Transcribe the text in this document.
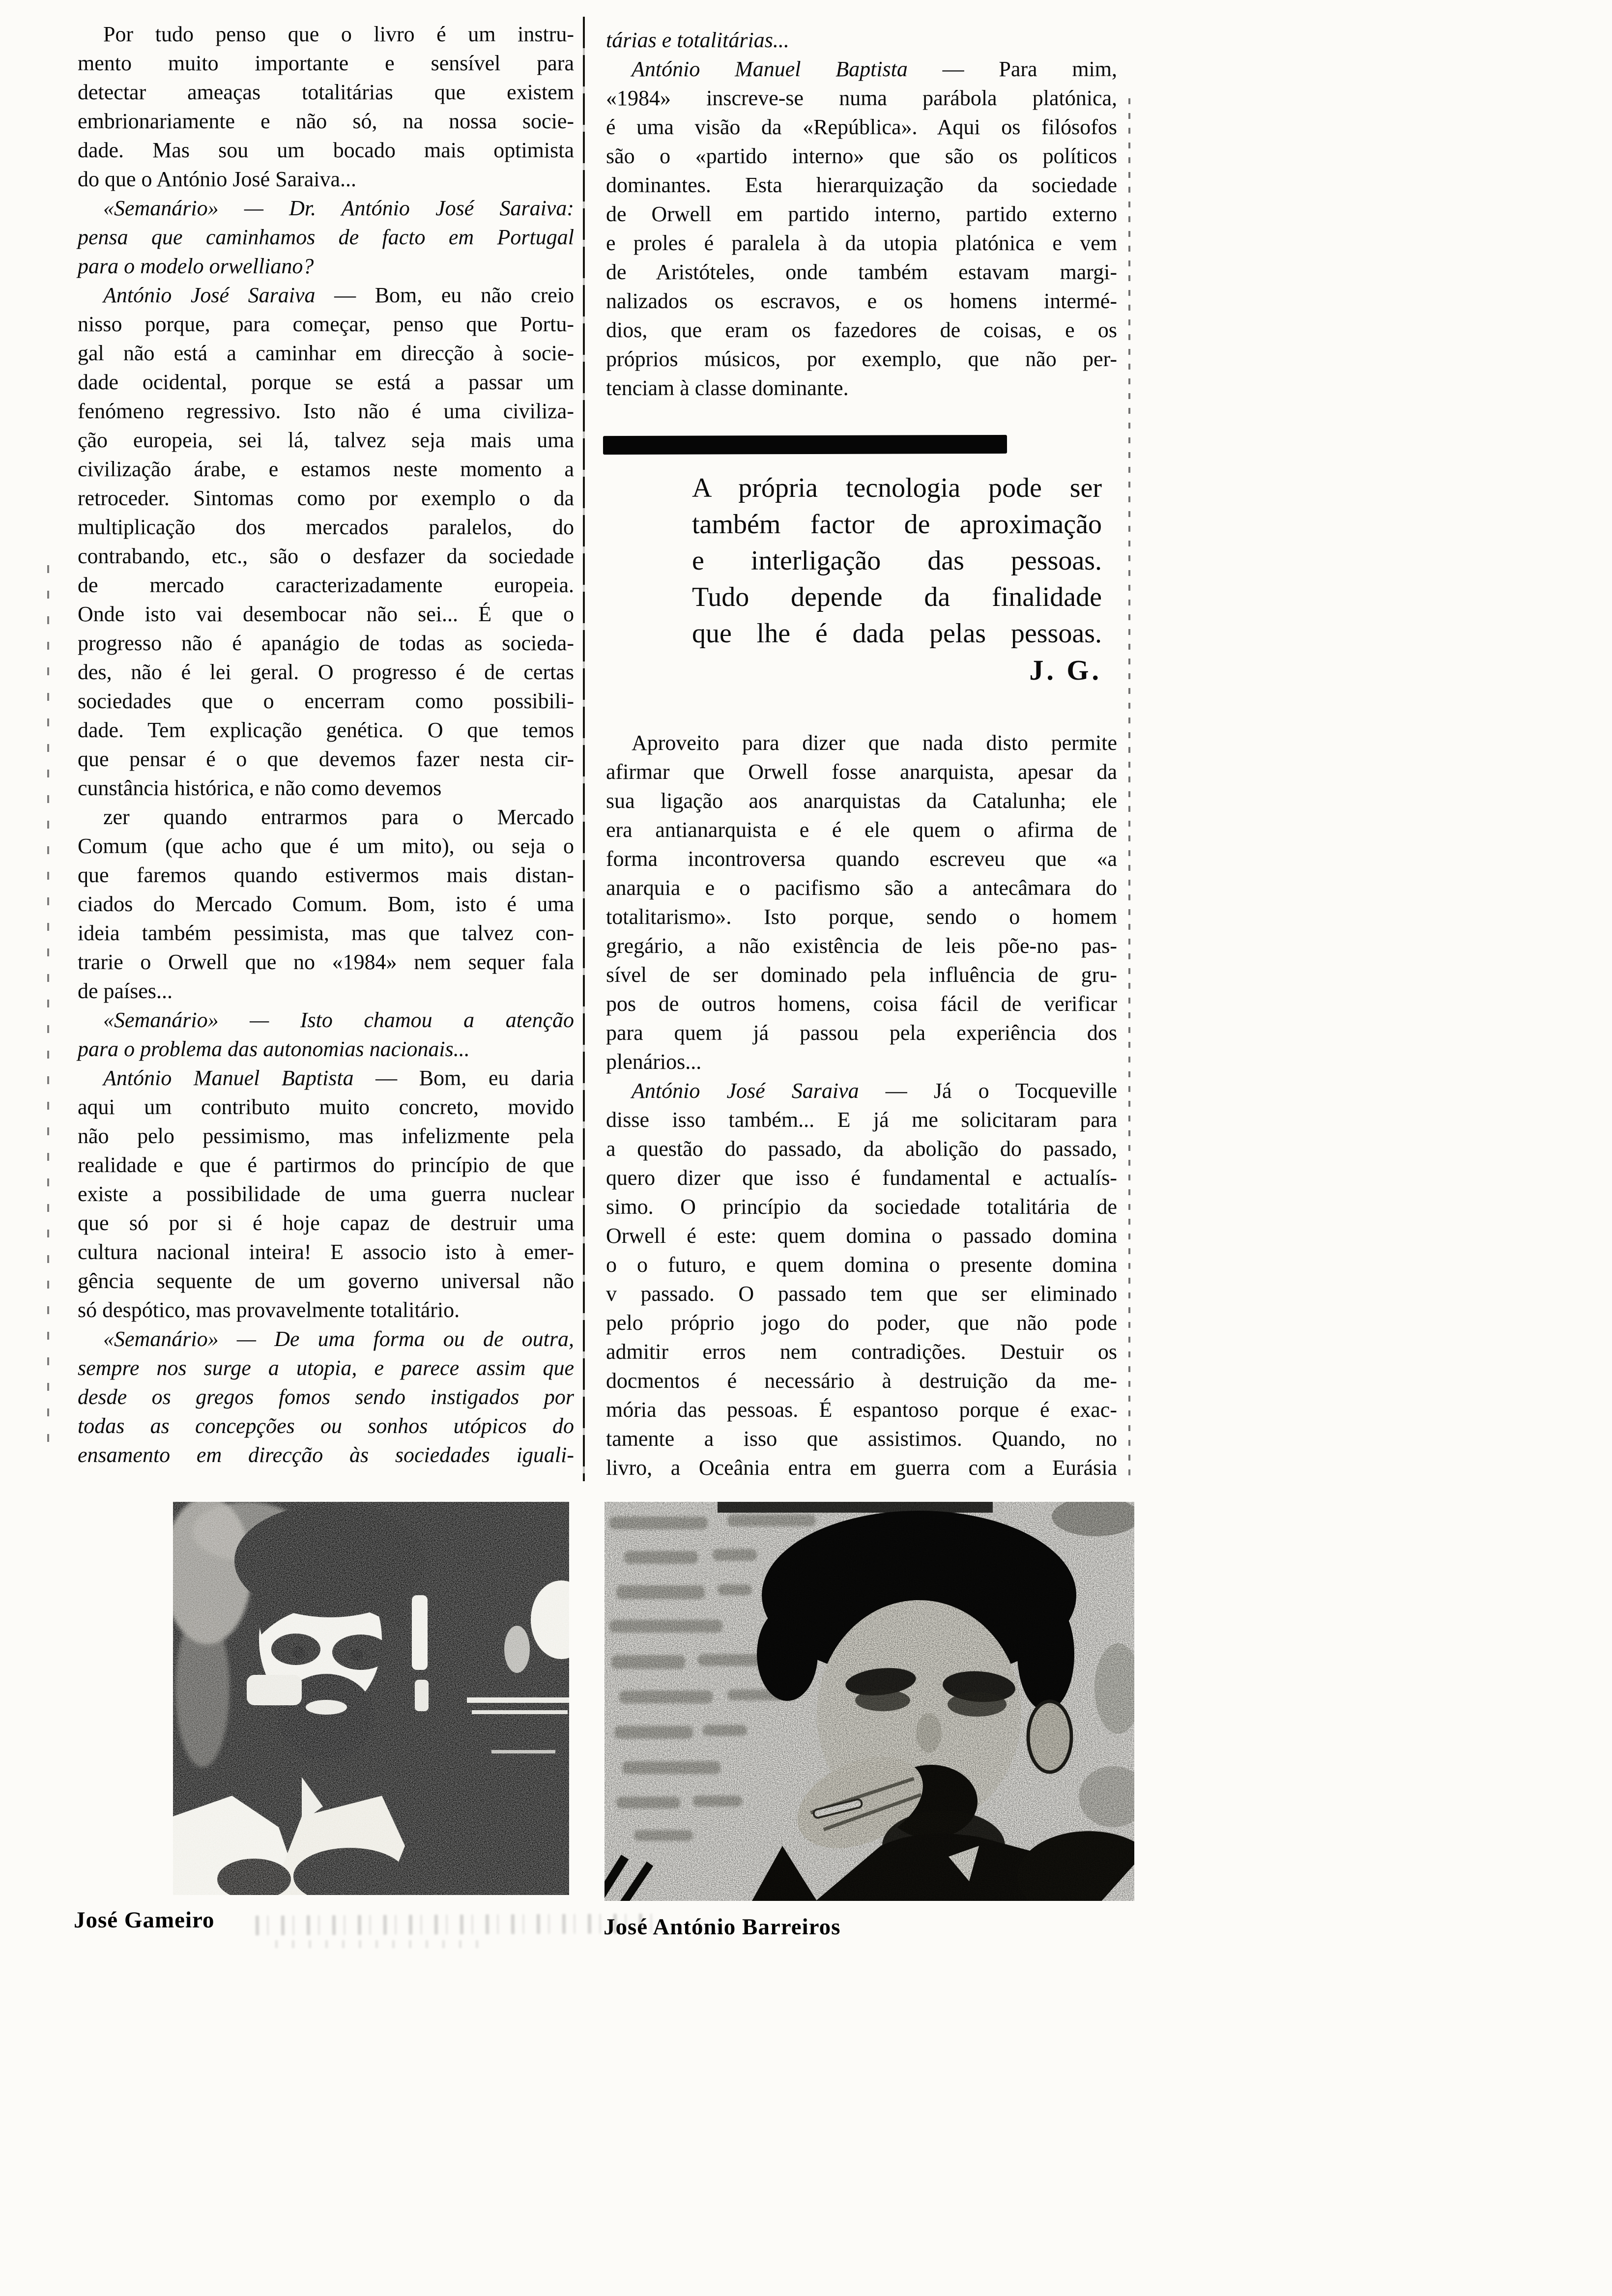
Por tudo penso que o livro é um instru-
mento muito importante e sensível para
detectar ameaças totalitárias que existem
embrionariamente e não só, na nossa socie-
dade. Mas sou um bocado mais optimista
do que o António José Saraiva...
«Semanário» — Dr. António José Saraiva:
pensa que caminhamos de facto em Portugal
para o modelo orwelliano?
António José Saraiva — Bom, eu não creio
nisso porque, para começar, penso que Portu-
gal não está a caminhar em direcção à socie-
dade ocidental, porque se está a passar um
fenómeno regressivo. Isto não é uma civiliza-
ção europeia, sei lá, talvez seja mais uma
civilização árabe, e estamos neste momento a
retroceder. Sintomas como por exemplo o da
multiplicação dos mercados paralelos, do
contrabando, etc., são o desfazer da sociedade
de mercado caracterizadamente europeia.
Onde isto vai desembocar não sei... É que o
progresso não é apanágio de todas as socieda-
des, não é lei geral. O progresso é de certas
sociedades que o encerram como possibili-
dade. Tem explicação genética. O que temos
que pensar é o que devemos fazer nesta cir-
cunstância histórica, e não como devemos
zer quando entrarmos para o Mercado
Comum (que acho que é um mito), ou seja o
que faremos quando estivermos mais distan-
ciados do Mercado Comum. Bom, isto é uma
ideia também pessimista, mas que talvez con-
trarie o Orwell que no «1984» nem sequer fala
de países...
«Semanário» — Isto chamou a atenção
para o problema das autonomias nacionais...
António Manuel Baptista — Bom, eu daria
aqui um contributo muito concreto, movido
não pelo pessimismo, mas infelizmente pela
realidade e que é partirmos do princípio de que
existe a possibilidade de uma guerra nuclear
que só por si é hoje capaz de destruir uma
cultura nacional inteira! E associo isto à emer-
gência sequente de um governo universal não
só despótico, mas provavelmente totalitário.
«Semanário» — De uma forma ou de outra,
sempre nos surge a utopia, e parece assim que
desde os gregos fomos sendo instigados por
todas as concepções ou sonhos utópicos do
ensamento em direcção às sociedades iguali-
tárias e totalitárias...
António Manuel Baptista — Para mim,
«1984» inscreve-se numa parábola platónica,
é uma visão da «República». Aqui os filósofos
são o «partido interno» que são os políticos
dominantes. Esta hierarquização da sociedade
de Orwell em partido interno, partido externo
e proles é paralela à da utopia platónica e vem
de Aristóteles, onde também estavam margi-
nalizados os escravos, e os homens intermé-
dios, que eram os fazedores de coisas, e os
próprios músicos, por exemplo, que não per-
tenciam à classe dominante.
A própria tecnologia pode ser
também factor de aproximação
e interligação das pessoas.
Tudo depende da finalidade
que lhe é dada pelas pessoas.
J. G.
Aproveito para dizer que nada disto permite
afirmar que Orwell fosse anarquista, apesar da
sua ligação aos anarquistas da Catalunha; ele
era antianarquista e é ele quem o afirma de
forma incontroversa quando escreveu que «a
anarquia e o pacifismo são a antecâmara do
totalitarismo». Isto porque, sendo o homem
gregário, a não existência de leis põe-no pas-
sível de ser dominado pela influência de gru-
pos de outros homens, coisa fácil de verificar
para quem já passou pela experiência dos
plenários...
António José Saraiva — Já o Tocqueville
disse isso também... E já me solicitaram para
a questão do passado, da abolição do passado,
quero dizer que isso é fundamental e actualís-
simo. O princípio da sociedade totalitária de
Orwell é este: quem domina o passado domina
o o futuro, e quem domina o presente domina
v passado. O passado tem que ser eliminado
pelo próprio jogo do poder, que não pode
admitir erros nem contradições. Destuir os
docmentos é necessário à destruição da me-
mória das pessoas. É espantoso porque é exac-
tamente a isso que assistimos. Quando, no
livro, a Oceânia entra em guerra com a Eurásia
José Gameiro	José António Barreiros
